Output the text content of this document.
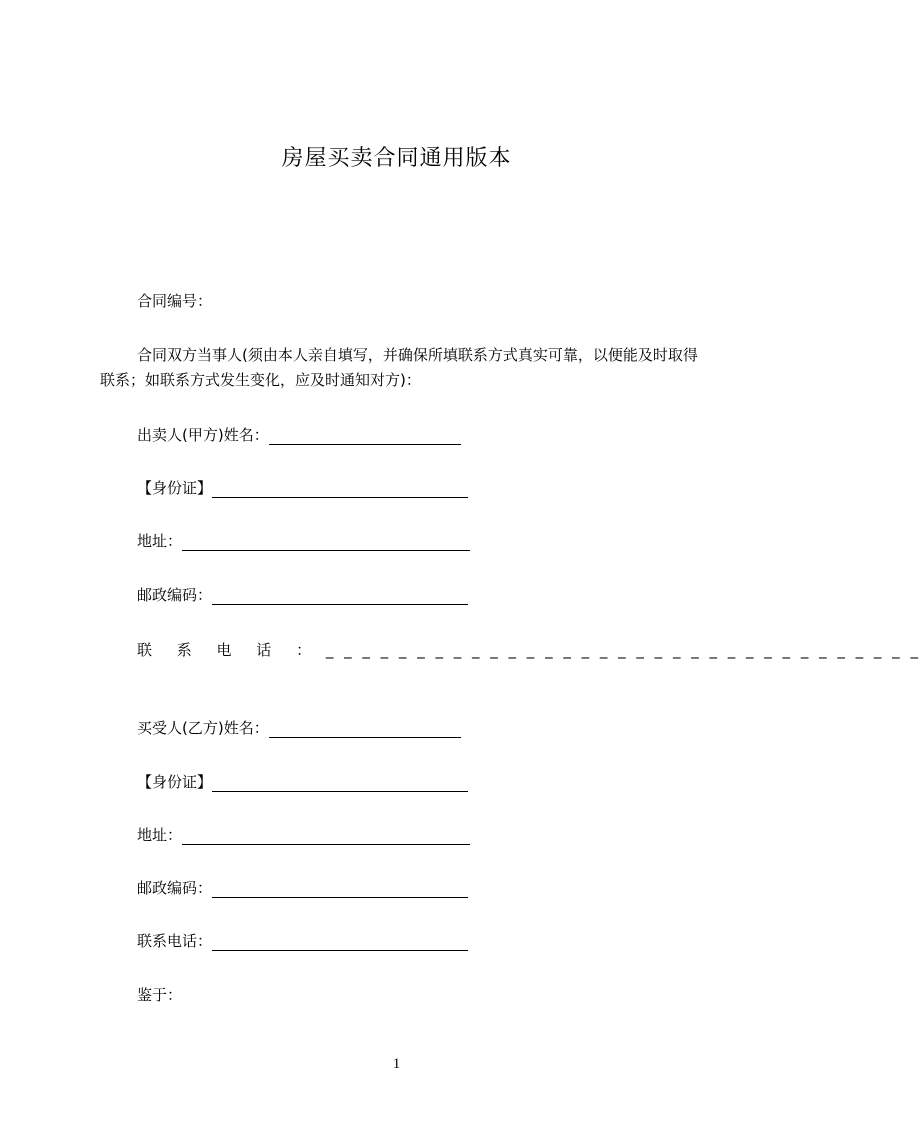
房屋买卖合同通用版本
合同编号：
合同双方当事人(须由本人亲自填写，并确保所填联系方式真实可靠，以便能及时取得联系；如联系方式发生变化，应及时通知对方)：
出卖人(甲方)姓名：
【身份证】
地址：
邮政编码：
联 系 电 话 ： _ _ _ _ _ _ _ _ _ _ _ _ _ _ _ _ _ _ _ _ _ _ _ _ _ _ _ _ _ _ _ _ _
买受人(乙方)姓名：
【身份证】
地址：
邮政编码：
联系电话：
鉴于：
1
